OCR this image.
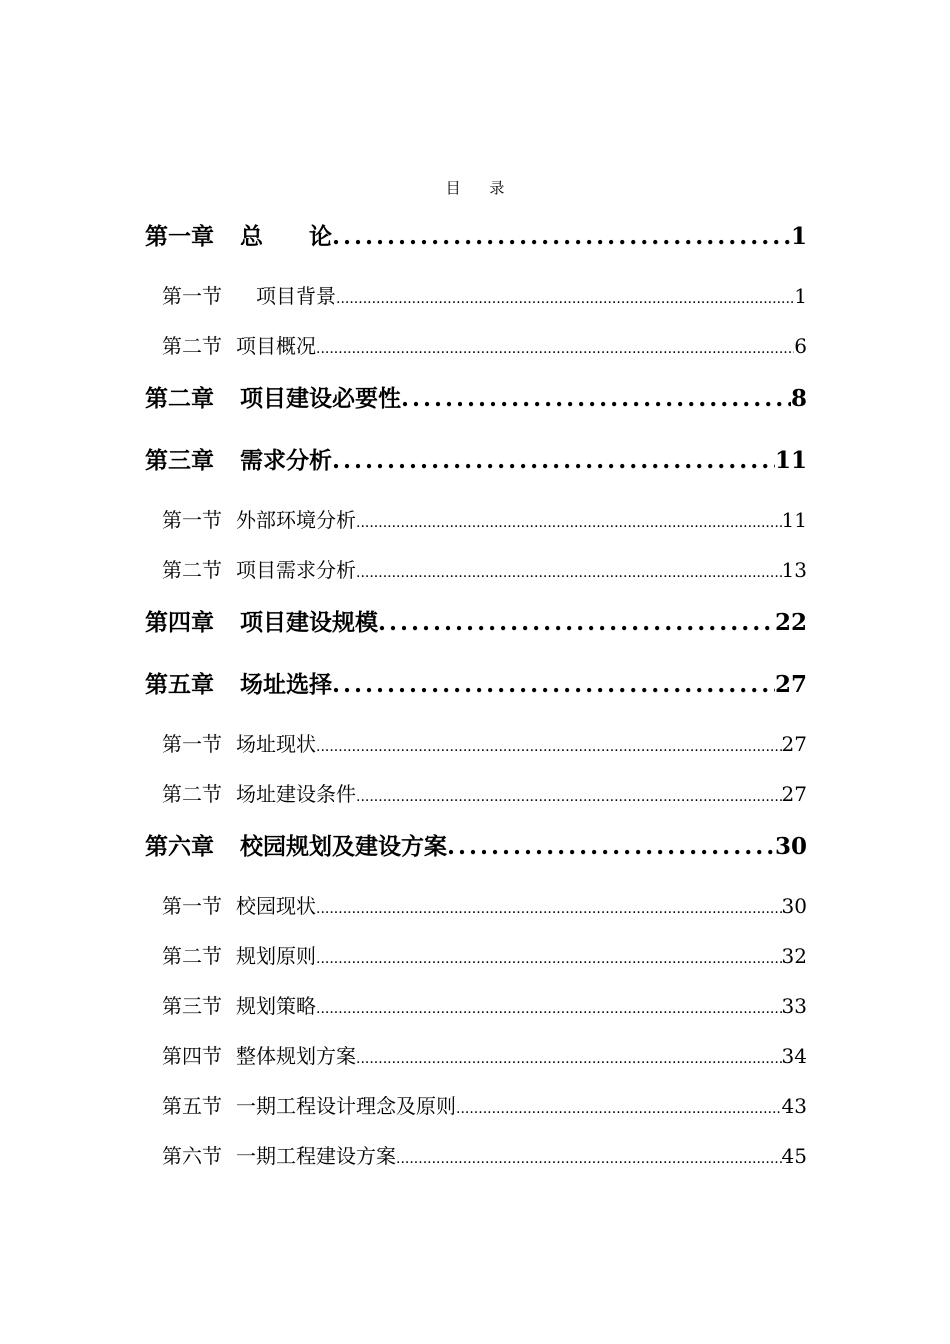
目 录
第一章 总　　论 .....	1
第一节 　项目背景 .....	1
第二节 项目概况 .....	6
第二章 项目建设必要性 .....	8
第三章 需求分析 .....	11
第一节 外部环境分析 .....	11
第二节 项目需求分析 .....	13
第四章 项目建设规模 .....	22
第五章 场址选择 .....	27
第一节 场址现状 .....	27
第二节 场址建设条件 .....	27
第六章 校园规划及建设方案 .....	30
第一节 校园现状 .....	30
第二节 规划原则 .....	32
第三节 规划策略 .....	33
第四节 整体规划方案 .....	34
第五节 一期工程设计理念及原则 .....	43
第六节 一期工程建设方案 .....	45
